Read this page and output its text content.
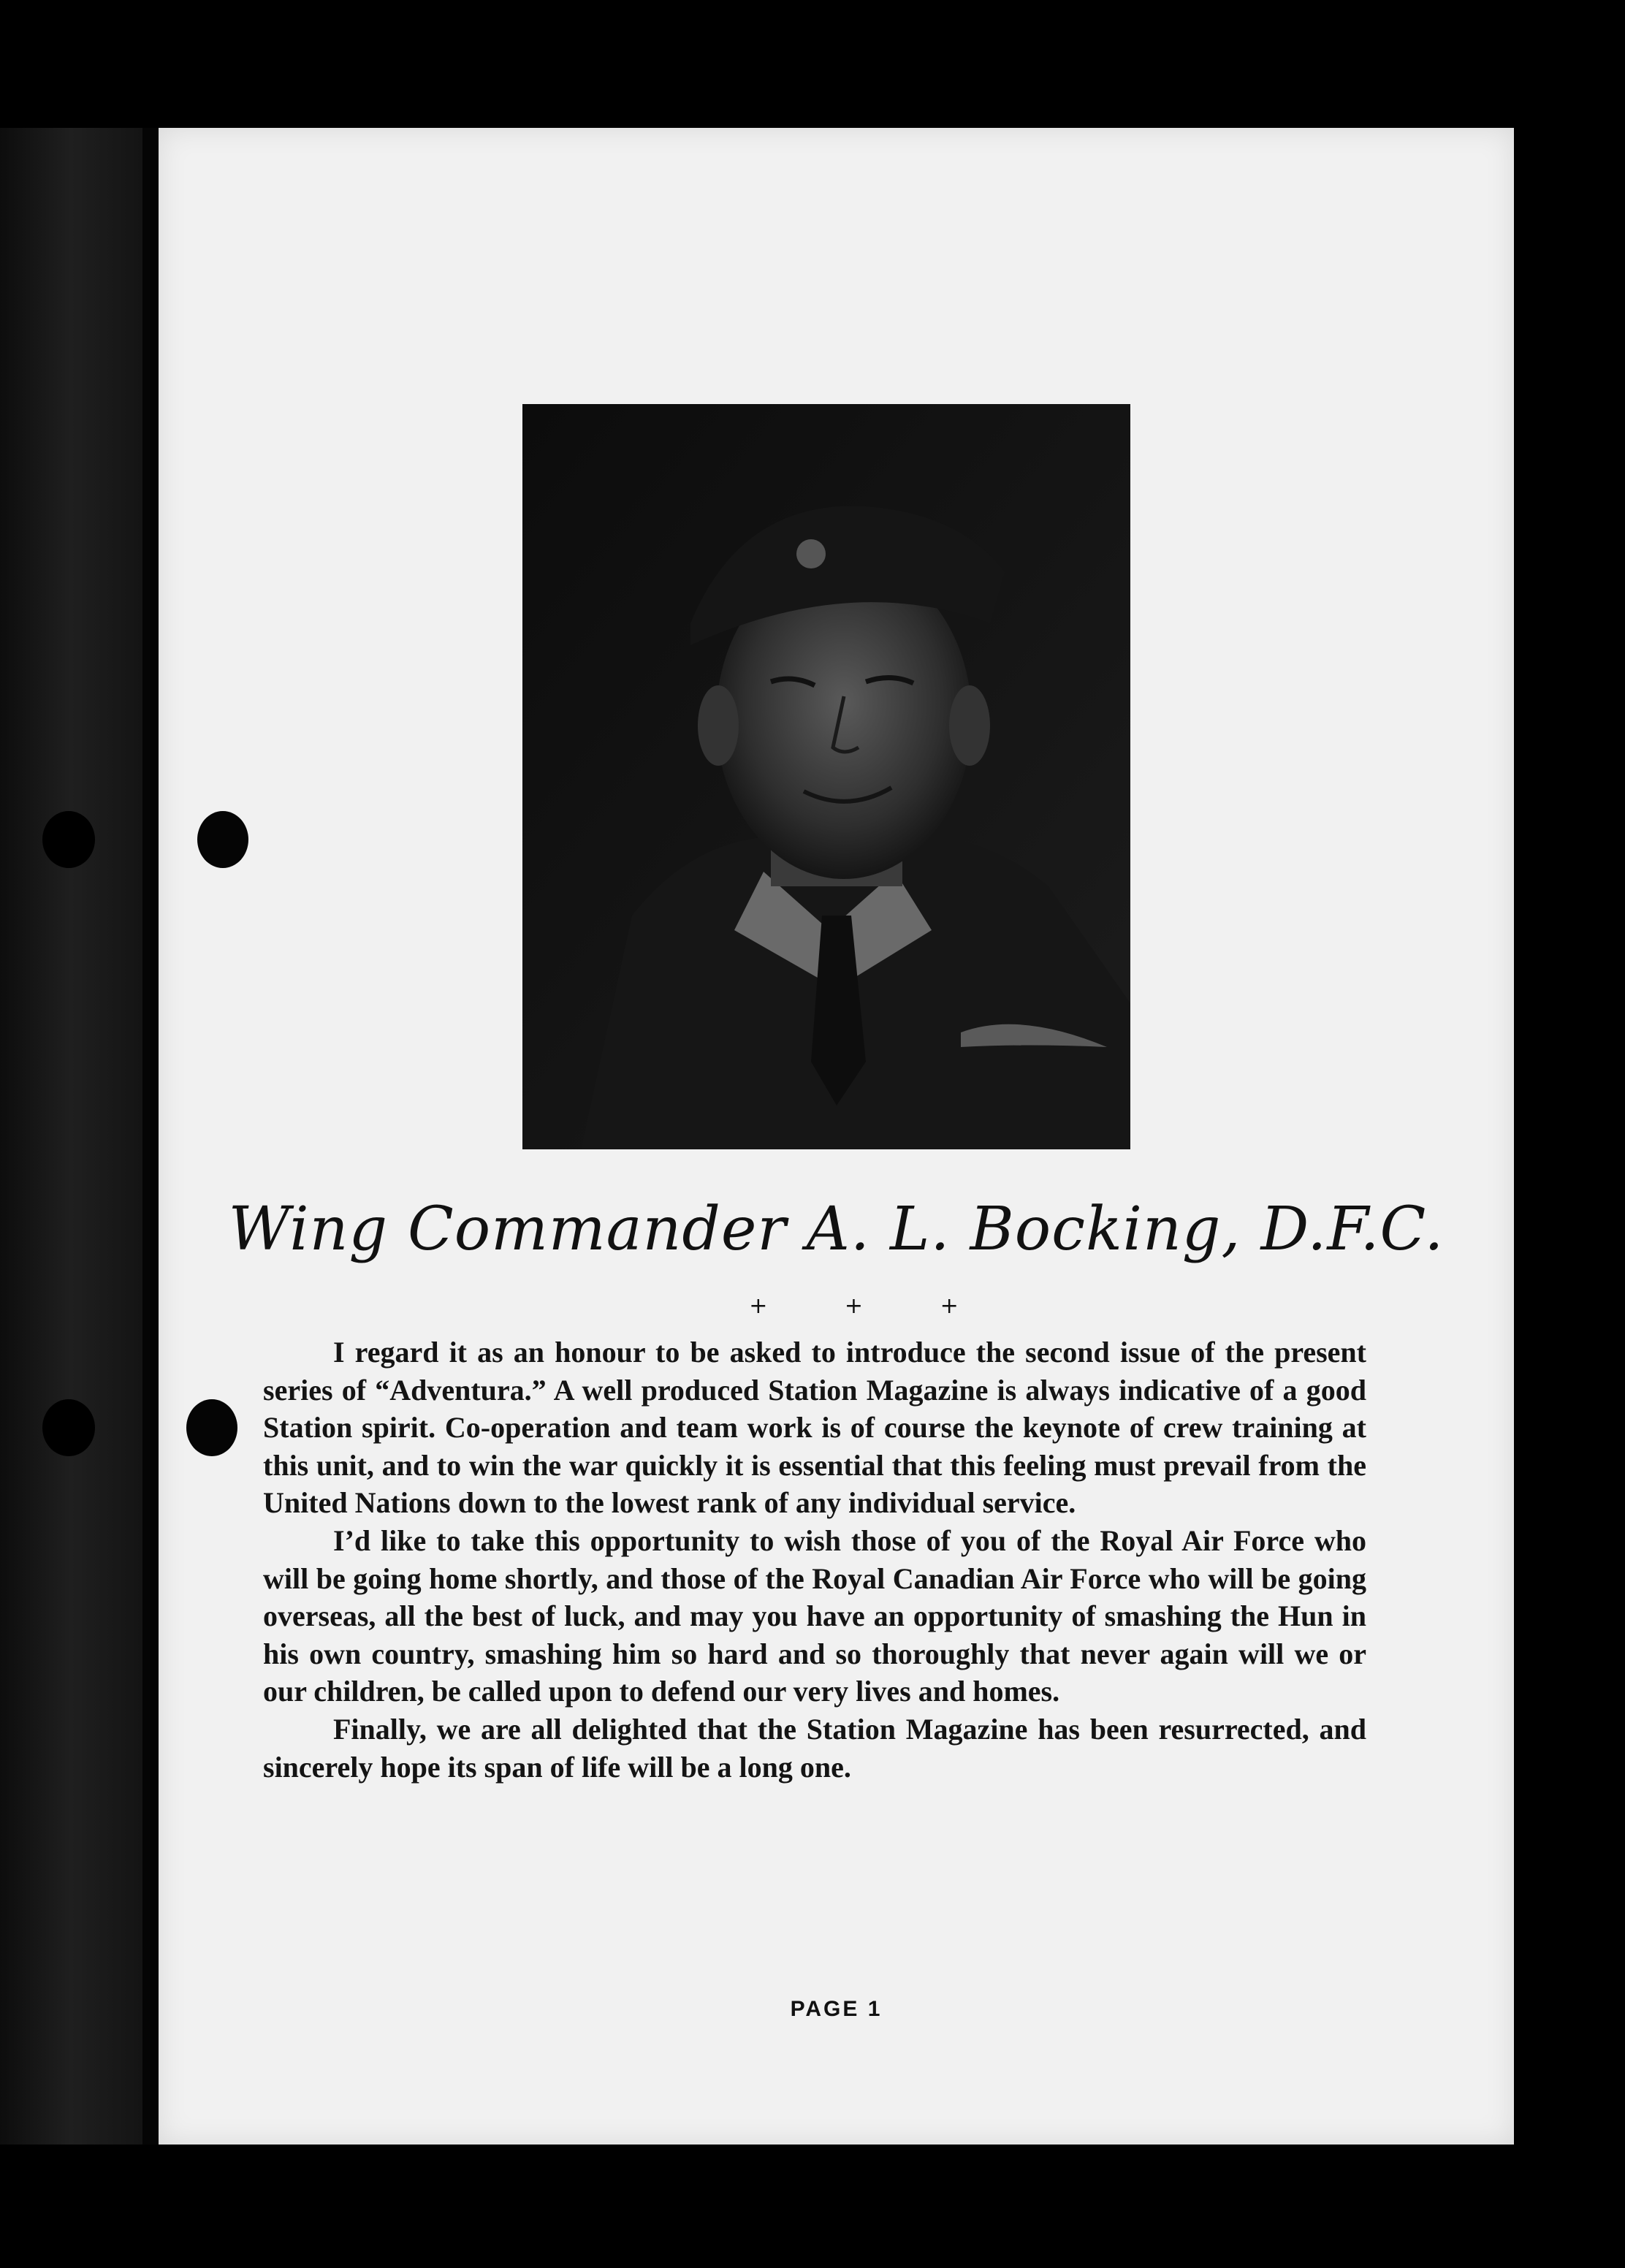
Wing Commander A. L. Bocking, D.F.C.
+ + +

I regard it as an honour to be asked to introduce the second issue of the present series of “Adventura.” A well produced Station Magazine is always indicative of a good Station spirit. Co-operation and team work is of course the keynote of crew training at this unit, and to win the war quickly it is essential that this feeling must prevail from the United Nations down to the lowest rank of any individual service.

I’d like to take this opportunity to wish those of you of the Royal Air Force who will be going home shortly, and those of the Royal Canadian Air Force who will be going overseas, all the best of luck, and may you have an opportunity of smashing the Hun in his own country, smashing him so hard and so thoroughly that never again will we or our children, be called upon to defend our very lives and homes.

Finally, we are all delighted that the Station Magazine has been resurrected, and sincerely hope its span of life will be a long one.

PAGE 1
